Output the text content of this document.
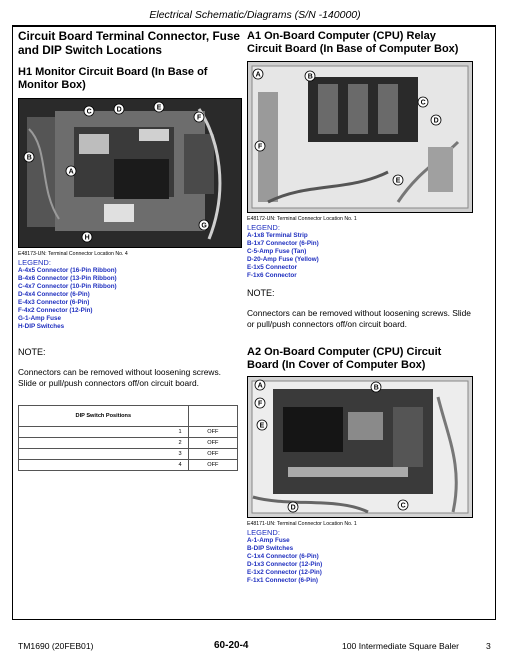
Electrical Schematic/Diagrams (S/N -140000)
Circuit Board Terminal Connector, Fuse and DIP Switch Locations
H1 Monitor Circuit Board (In Base of Monitor Box)
D	E
F
B
A
C
H
G
E48173-UN: Terminal Connector Location No. 4
LEGEND:
A-4x5 Connector (16-Pin Ribbon)
B-4x6 Connector (13-Pin Ribbon)
C-4x7 Connector (10-Pin Ribbon)
D-4x4 Connector (6-Pin)
E-4x3 Connector (6-Pin)
F-4x2 Connector (12-Pin)
G-1-Amp Fuse
H-DIP Switches
NOTE:
Connectors can be removed without loosening screws. Slide or pull/push connectors off/on circuit board.
DIP Switch Positions	
1	OFF
2	OFF
3	OFF
4	OFF
A1 On-Board Computer (CPU) Relay Circuit Board (In Base of Computer Box)
A	B
C
D
E
F
E48172-UN: Terminal Connector Location No. 1
LEGEND:
A-1x8 Terminal Strip
B-1x7 Connector (6-Pin)
C-5-Amp Fuse (Tan)
D-20-Amp Fuse (Yellow)
E-1x5 Connector
F-1x6 Connector
NOTE:
Connectors can be removed without loosening screws. Slide or pull/push connectors off/on circuit board.
A2 On-Board Computer (CPU) Circuit Board (In Cover of Computer Box)
A	B
F
E
D	C
E48171-UN: Terminal Connector Location No. 1
LEGEND:
A-1-Amp Fuse
B-DIP Switches
C-1x4 Connector (6-Pin)
D-1x3 Connector (12-Pin)
E-1x2 Connector (12-Pin)
F-1x1 Connector (6-Pin)
TM1690 (20FEB01)	60-20-4	100 Intermediate Square Baler	3
